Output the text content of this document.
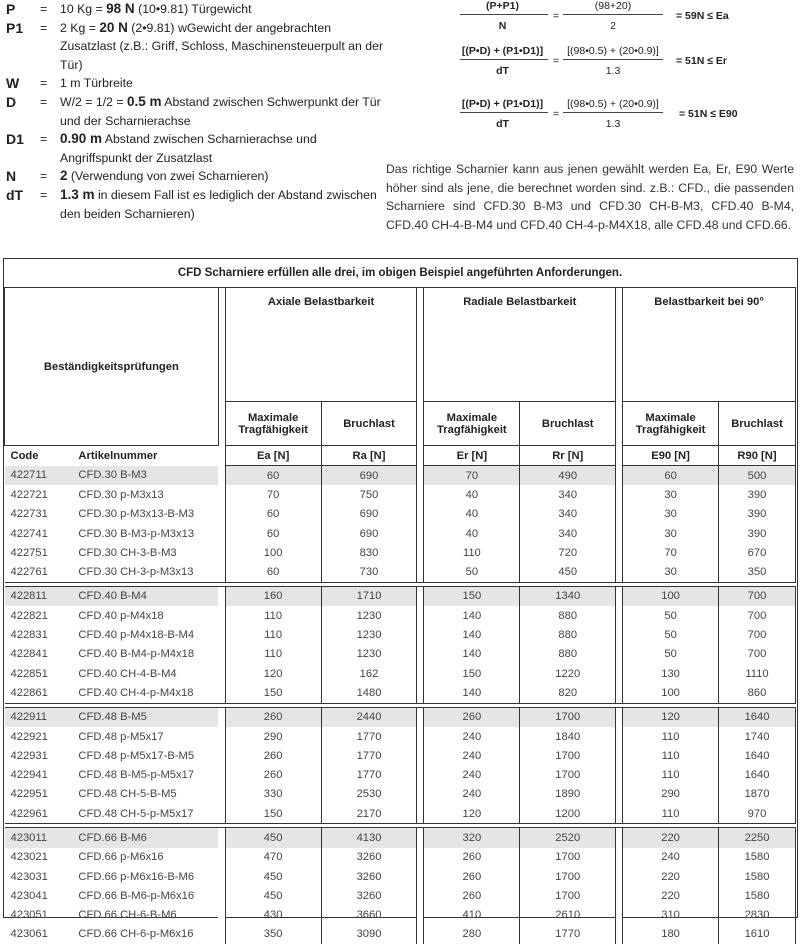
P	=	10 Kg = 98 N (10•9.81) Türgewicht
P1	=	2 Kg = 20 N (2•9.81) wGewicht der angebrachten Zusatzlast (z.B.: Griff, Schloss, Maschinensteuerpult an der Tür)
W	=	1 m Türbreite
D	=	W/2 = 1/2 = 0.5 m Abstand zwischen Schwerpunkt der Tür und der Scharnierachse
D1	= 0.90 m Abstand zwischen Scharnierachse und Angriffspunkt der Zusatzlast
N	= 2 (Verwendung von zwei Scharnieren)
dT	= 1.3 m in diesem Fall ist es lediglich der Abstand zwischen den beiden Scharnieren)
(P+P1)
N
=
(98+20)
2
= 59N ≤ Ea
[(P•D) + (P1•D1)]
dT
=
[(98•0.5) + (20•0.9)]
1.3
= 51N ≤ Er
[(P•D) + (P1•D1)]
dT
=
[(98•0.5) + (20•0.9)]
1.3
= 51N ≤ E90
Das richtige Scharnier kann aus jenen gewählt werden Ea, Er, E90 Werte höher sind als jene, die berechnet worden sind. z.B.: CFD., die passenden Scharniere sind CFD.30 B-M3 und CFD.30 CH-B-M3, CFD.40 B-M4, CFD.40 CH-4-B-M4 und CFD.40 CH-4-p-M4X18, alle CFD.48 und CFD.66.
CFD Scharniere erfüllen alle drei, im obigen Beispiel angeführten Anforderungen.										
Beständigkeitsprüfungen			Axiale Belastbarkeit			Radiale Belastbarkeit			Belastbarkeit bei 90°	
			Maximale Tragfähigkeit	Bruchlast		Maximale Tragfähigkeit	Bruchlast		Maximale Tragfähigkeit	Bruchlast
Code	Artikelnummer		Ea [N]	Ra [N]		Er [N]	Rr [N]		E90 [N]	R90 [N]
422711	CFD.30 B-M3		60	690		70	490		60	500
422721	CFD.30 p-M3x13		70	750		40	340		30	390
422731	CFD.30 p-M3x13-B-M3		60	690		40	340		30	390
422741	CFD.30 B-M3-p-M3x13		60	690		40	340		30	390
422751	CFD.30 CH-3-B-M3		100	830		110	720		70	670
422761	CFD.30 CH-3-p-M3x13		60	730		50	450		30	350

422811	CFD.40 B-M4		160	1710		150	1340		100	700
422821	CFD.40 p-M4x18		110	1230		140	880		50	700
422831	CFD.40 p-M4x18-B-M4		110	1230		140	880		50	700
422841	CFD.40 B-M4-p-M4x18		110	1230		140	880		50	700
422851	CFD.40 CH-4-B-M4		120	162		150	1220		130	1110
422861	CFD.40 CH-4-p-M4x18		150	1480		140	820		100	860

422911	CFD.48 B-M5		260	2440		260	1700		120	1640
422921	CFD.48 p-M5x17		290	1770		240	1840		110	1740
422931	CFD.48 p-M5x17-B-M5		260	1770		240	1700		110	1640
422941	CFD.48 B-M5-p-M5x17		260	1770		240	1700		110	1640
422951	CFD.48 CH-5-B-M5		330	2530		240	1890		290	1870
422961	CFD.48 CH-5-p-M5x17		150	2170		120	1200		110	970

423011	CFD.66 B-M6		450	4130		320	2520		220	2250
423021	CFD.66 p-M6x16		470	3260		260	1700		240	1580
423031	CFD.66 p-M6x16-B-M6		450	3260		260	1700		220	1580
423041	CFD.66 B-M6-p-M6x16		450	3260		260	1700		220	1580
423051	CFD.66 CH-6-B-M6		430	3660		410	2610		310	2830
423061	CFD.66 CH-6-p-M6x16		350	3090		280	1770		180	1610
